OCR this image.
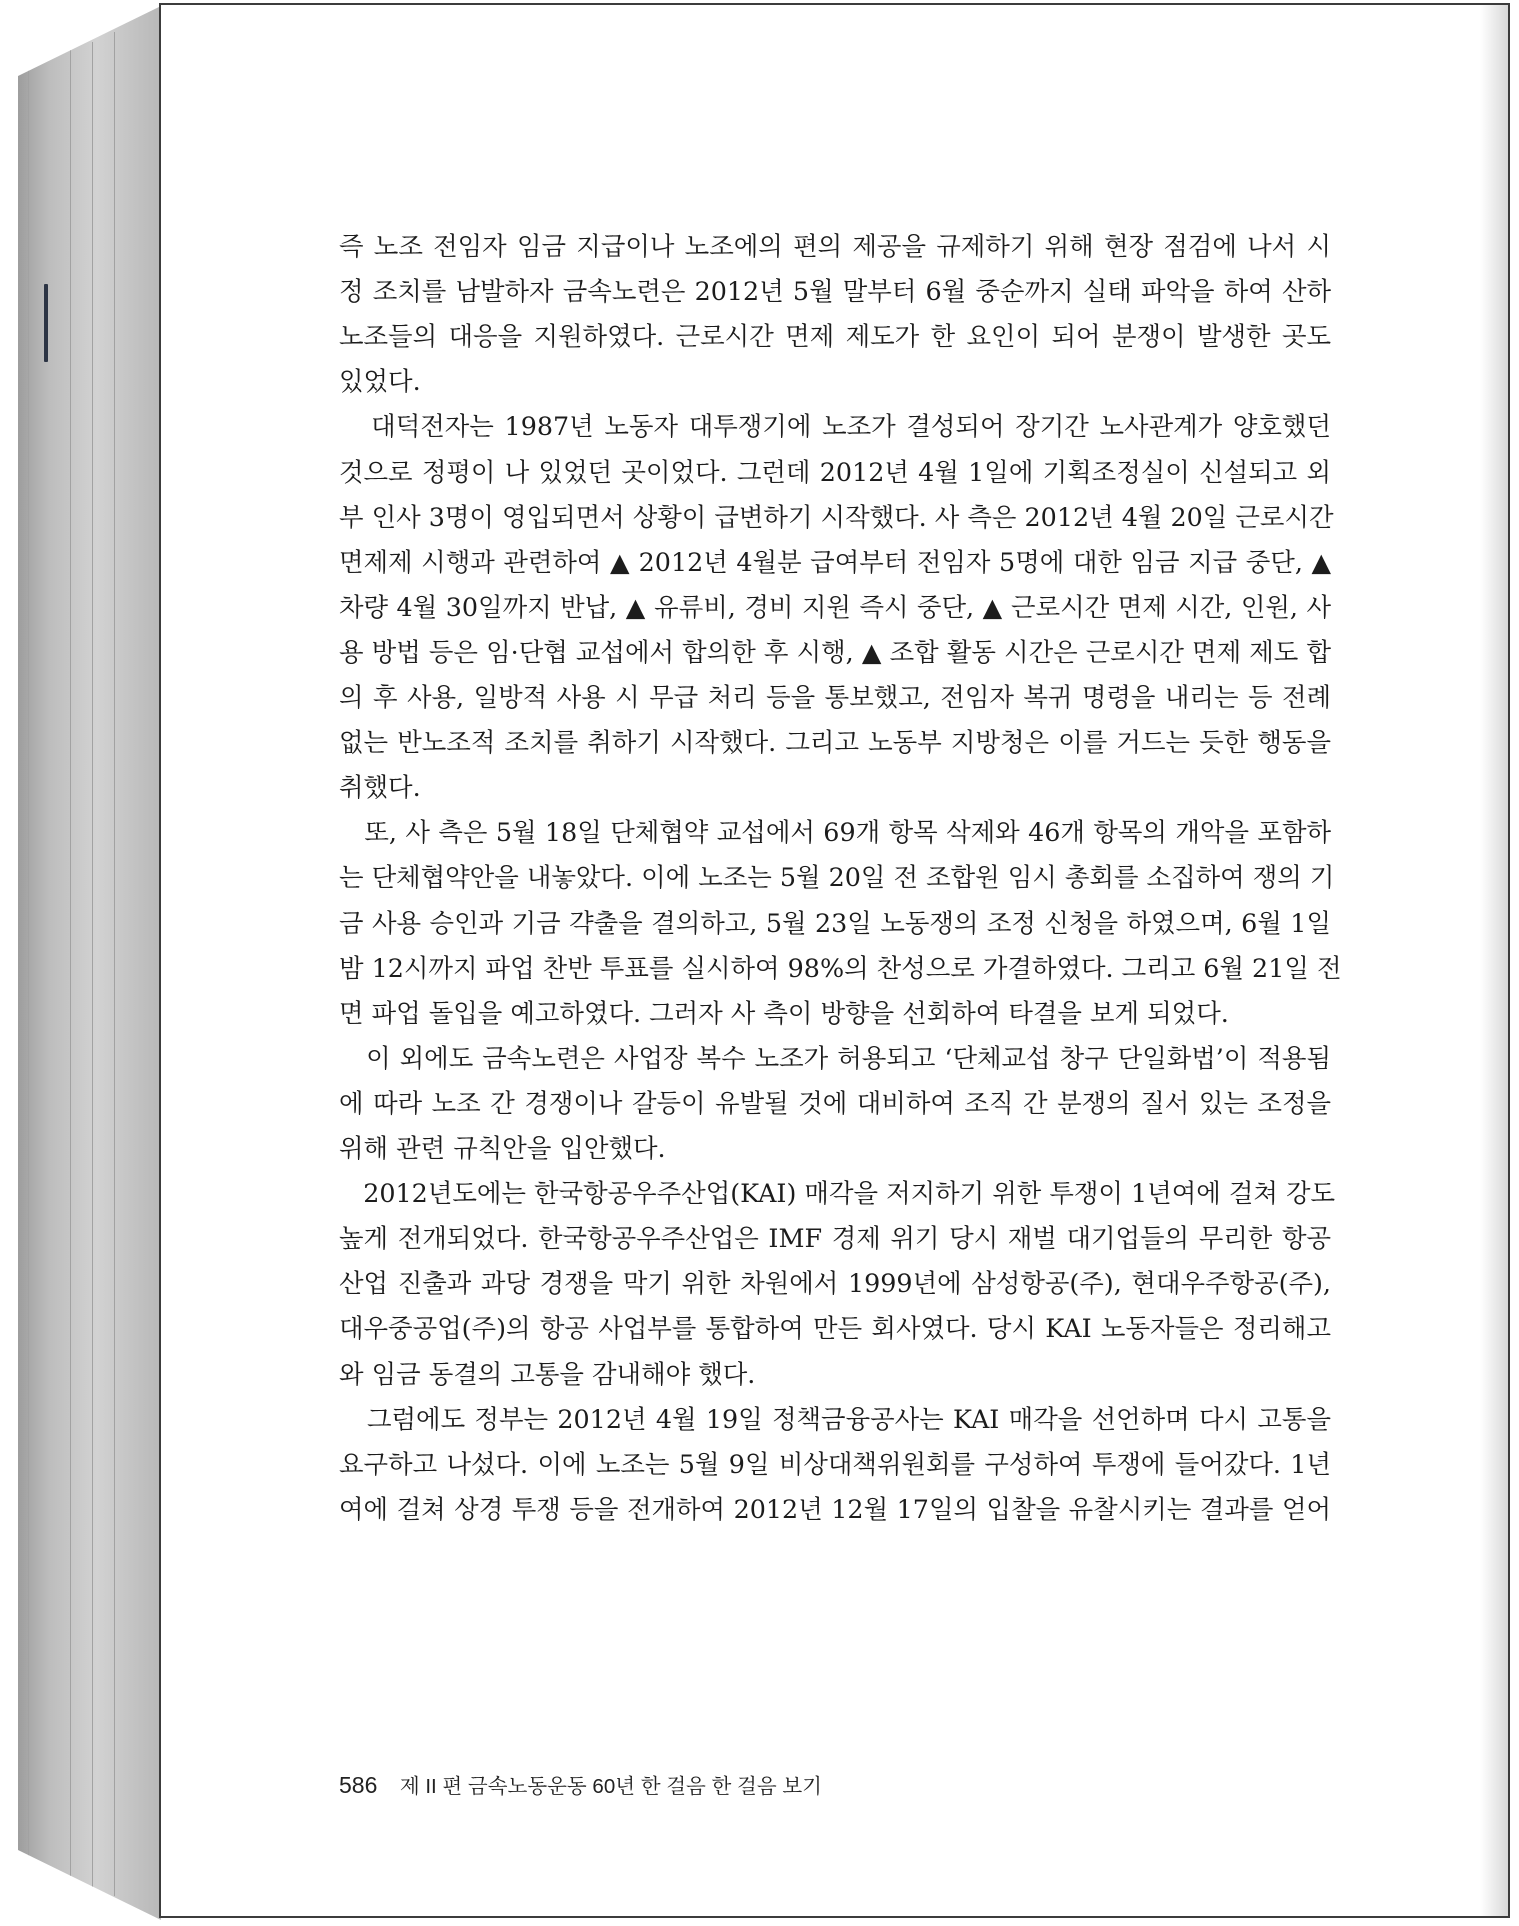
즉 노조 전임자 임금 지급이나 노조에의 편의 제공을 규제하기 위해 현장 점검에 나서 시
정 조치를 남발하자 금속노련은 2012년 5월 말부터 6월 중순까지 실태 파악을 하여 산하
노조들의 대응을 지원하였다. 근로시간 면제 제도가 한 요인이 되어 분쟁이 발생한 곳도
있었다.
대덕전자는 1987년 노동자 대투쟁기에 노조가 결성되어 장기간 노사관계가 양호했던
것으로 정평이 나 있었던 곳이었다. 그런데 2012년 4월 1일에 기획조정실이 신설되고 외
부 인사 3명이 영입되면서 상황이 급변하기 시작했다. 사 측은 2012년 4월 20일 근로시간
면제제 시행과 관련하여 ▲ 2012년 4월분 급여부터 전임자 5명에 대한 임금 지급 중단, ▲
차량 4월 30일까지 반납, ▲ 유류비, 경비 지원 즉시 중단, ▲ 근로시간 면제 시간, 인원, 사
용 방법 등은 임·단협 교섭에서 합의한 후 시행, ▲ 조합 활동 시간은 근로시간 면제 제도 합
의 후 사용, 일방적 사용 시 무급 처리 등을 통보했고, 전임자 복귀 명령을 내리는 등 전례
없는 반노조적 조치를 취하기 시작했다. 그리고 노동부 지방청은 이를 거드는 듯한 행동을
취했다.
또, 사 측은 5월 18일 단체협약 교섭에서 69개 항목 삭제와 46개 항목의 개악을 포함하
는 단체협약안을 내놓았다. 이에 노조는 5월 20일 전 조합원 임시 총회를 소집하여 쟁의 기
금 사용 승인과 기금 갹출을 결의하고, 5월 23일 노동쟁의 조정 신청을 하였으며, 6월 1일
밤 12시까지 파업 찬반 투표를 실시하여 98%의 찬성으로 가결하였다. 그리고 6월 21일 전
면 파업 돌입을 예고하였다. 그러자 사 측이 방향을 선회하여 타결을 보게 되었다.
이 외에도 금속노련은 사업장 복수 노조가 허용되고 ‘단체교섭 창구 단일화법’이 적용됨
에 따라 노조 간 경쟁이나 갈등이 유발될 것에 대비하여 조직 간 분쟁의 질서 있는 조정을
위해 관련 규칙안을 입안했다.
2012년도에는 한국항공우주산업(KAI) 매각을 저지하기 위한 투쟁이 1년여에 걸쳐 강도
높게 전개되었다. 한국항공우주산업은 IMF 경제 위기 당시 재벌 대기업들의 무리한 항공
산업 진출과 과당 경쟁을 막기 위한 차원에서 1999년에 삼성항공(주), 현대우주항공(주),
대우중공업(주)의 항공 사업부를 통합하여 만든 회사였다. 당시 KAI 노동자들은 정리해고
와 임금 동결의 고통을 감내해야 했다.
그럼에도 정부는 2012년 4월 19일 정책금융공사는 KAI 매각을 선언하며 다시 고통을
요구하고 나섰다. 이에 노조는 5월 9일 비상대책위원회를 구성하여 투쟁에 들어갔다. 1년
여에 걸쳐 상경 투쟁 등을 전개하여 2012년 12월 17일의 입찰을 유찰시키는 결과를 얻어
586 제 II 편 금속노동운동 60년 한 걸음 한 걸음 보기
